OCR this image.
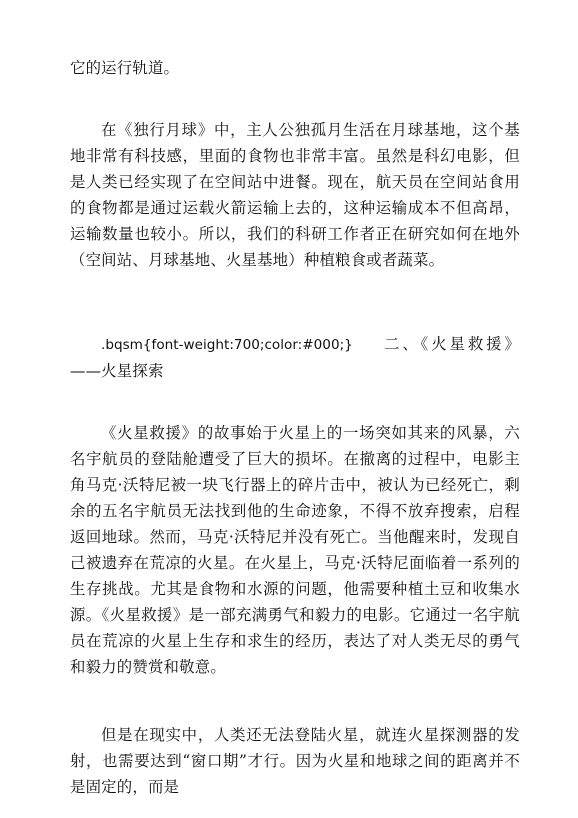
它的运行轨道。

在《独行月球》中，主人公独孤月生活在月球基地，这个基地非常有科技感，里面的食物也非常丰富。虽然是科幻电影，但是人类已经实现了在空间站中进餐。现在，航天员在空间站食用的食物都是通过运载火箭运输上去的，这种运输成本不但高昂，运输数量也较小。所以，我们的科研工作者正在研究如何在地外（空间站、月球基地、火星基地）种植粮食或者蔬菜。

.bqsm{font-weight:700;color:#000;} 二、《火星救援》——火星探索

《火星救援》的故事始于火星上的一场突如其来的风暴，六名宇航员的登陆舱遭受了巨大的损坏。在撤离的过程中，电影主角马克·沃特尼被一块飞行器上的碎片击中，被认为已经死亡，剩余的五名宇航员无法找到他的生命迹象，不得不放弃搜索，启程返回地球。然而，马克·沃特尼并没有死亡。当他醒来时，发现自己被遗弃在荒凉的火星。在火星上，马克·沃特尼面临着一系列的生存挑战。尤其是食物和水源的问题，他需要种植土豆和收集水源。《火星救援》是一部充满勇气和毅力的电影。它通过一名宇航员在荒凉的火星上生存和求生的经历，表达了对人类无尽的勇气和毅力的赞赏和敬意。

但是在现实中，人类还无法登陆火星，就连火星探测器的发射，也需要达到“窗口期”才行。因为火星和地球之间的距离并不是固定的，而是
